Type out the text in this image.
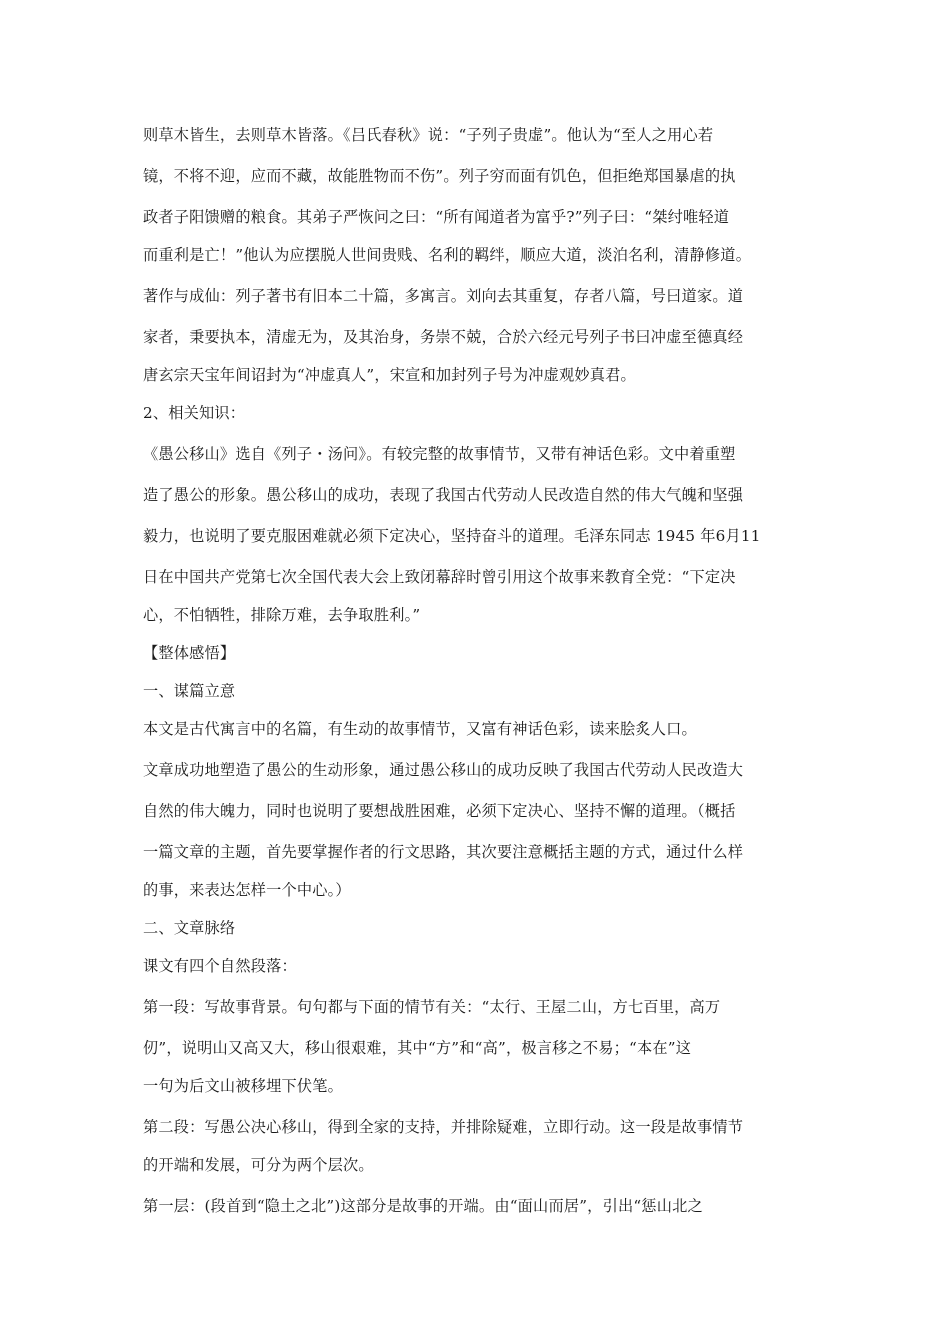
则草木皆生，去则草木皆落。《吕氏春秋》说：“子列子贵虚”。他认为“至人之用心若
镜，不将不迎，应而不藏，故能胜物而不伤”。列子穷而面有饥色，但拒绝郑国暴虐的执
政者子阳馈赠的粮食。其弟子严恢问之曰：“所有闻道者为富乎?”列子曰：“桀纣唯轻道
而重利是亡！”他认为应摆脱人世间贵贱、名利的羁绊，顺应大道，淡泊名利，清静修道。
著作与成仙：列子著书有旧本二十篇，多寓言。刘向去其重复，存者八篇，号曰道家。道
家者，秉要执本，清虚无为，及其治身，务崇不兢，合於六经元号列子书曰冲虚至德真经
唐玄宗天宝年间诏封为“冲虚真人”，宋宣和加封列子号为冲虚观妙真君。
2、相关知识：
《愚公移山》选自《列子・汤问》。有较完整的故事情节，又带有神话色彩。文中着重塑
造了愚公的形象。愚公移山的成功，表现了我国古代劳动人民改造自然的伟大气魄和坚强
毅力，也说明了要克服困难就必须下定决心，坚持奋斗的道理。毛泽东同志 1945 年6月11
日在中国共产党第七次全国代表大会上致闭幕辞时曾引用这个故事来教育全党：“下定决
心，不怕牺牲，排除万难，去争取胜利。”
【整体感悟】
一、谋篇立意
本文是古代寓言中的名篇，有生动的故事情节，又富有神话色彩，读来脍炙人口。
文章成功地塑造了愚公的生动形象，通过愚公移山的成功反映了我国古代劳动人民改造大
自然的伟大魄力，同时也说明了要想战胜困难，必须下定决心、坚持不懈的道理。（概括
一篇文章的主题，首先要掌握作者的行文思路，其次要注意概括主题的方式，通过什么样
的事，来表达怎样一个中心。）
二、文章脉络
课文有四个自然段落：
第一段：写故事背景。句句都与下面的情节有关：“太行、王屋二山，方七百里，高万
仞”，说明山又高又大，移山很艰难，其中“方”和“高”，极言移之不易；“本在”这
一句为后文山被移埋下伏笔。
第二段：写愚公决心移山，得到全家的支持，并排除疑难，立即行动。这一段是故事情节
的开端和发展，可分为两个层次。
第一层：(段首到“隐土之北”)这部分是故事的开端。由“面山而居”，引出“惩山北之
